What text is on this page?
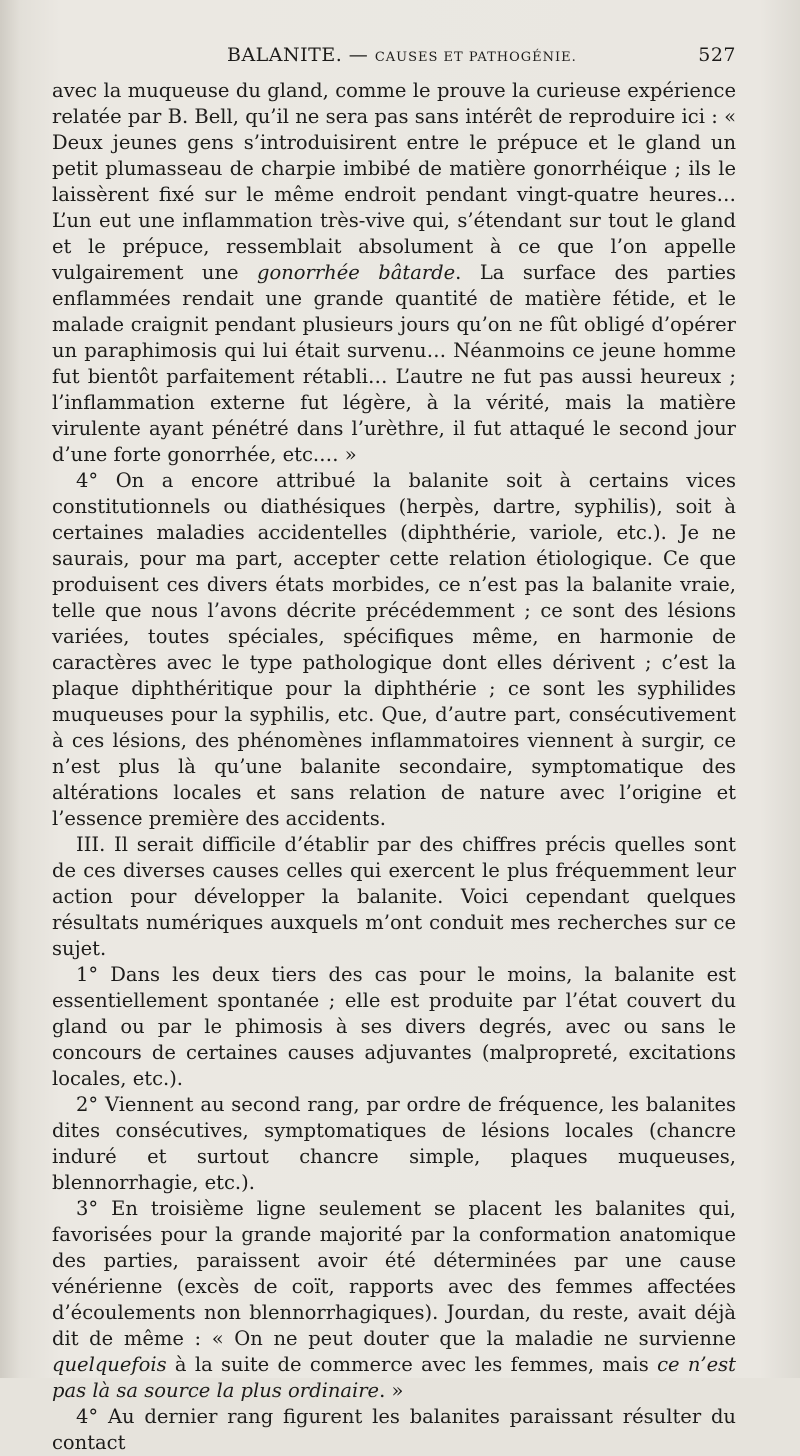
BALANITE. — CAUSES ET PATHOGÉNIE.	527

avec la muqueuse du gland, comme le prouve la curieuse expérience relatée par B. Bell, qu’il ne sera pas sans intérêt de reproduire ici : « Deux jeunes gens s’introduisirent entre le prépuce et le gland un petit plumasseau de charpie imbibé de matière gonorrhéique ; ils le laissèrent fixé sur le même endroit pendant vingt-quatre heures… L’un eut une inflammation très-vive qui, s’étendant sur tout le gland et le prépuce, ressemblait absolument à ce que l’on appelle vulgairement une gonorrhée bâtarde. La surface des parties enflammées rendait une grande quantité de matière fétide, et le malade craignit pendant plusieurs jours qu’on ne fût obligé d’opérer un paraphimosis qui lui était survenu… Néanmoins ce jeune homme fut bientôt parfaitement rétabli… L’autre ne fut pas aussi heureux ; l’inflammation externe fut légère, à la vérité, mais la matière virulente ayant pénétré dans l’urèthre, il fut attaqué le second jour d’une forte gonorrhée, etc.… »

4° On a encore attribué la balanite soit à certains vices constitutionnels ou diathésiques (herpès, dartre, syphilis), soit à certaines maladies accidentelles (diphthérie, variole, etc.). Je ne saurais, pour ma part, accepter cette relation étiologique. Ce que produisent ces divers états morbides, ce n’est pas la balanite vraie, telle que nous l’avons décrite précédemment ; ce sont des lésions variées, toutes spéciales, spécifiques même, en harmonie de caractères avec le type pathologique dont elles dérivent ; c’est la plaque diphthéritique pour la diphthérie ; ce sont les syphilides muqueuses pour la syphilis, etc. Que, d’autre part, consécutivement à ces lésions, des phénomènes inflammatoires viennent à surgir, ce n’est plus là qu’une balanite secondaire, symptomatique des altérations locales et sans relation de nature avec l’origine et l’essence première des accidents.

III. Il serait difficile d’établir par des chiffres précis quelles sont de ces diverses causes celles qui exercent le plus fréquemment leur action pour développer la balanite. Voici cependant quelques résultats numériques auxquels m’ont conduit mes recherches sur ce sujet.

1° Dans les deux tiers des cas pour le moins, la balanite est essentiellement spontanée ; elle est produite par l’état couvert du gland ou par le phimosis à ses divers degrés, avec ou sans le concours de certaines causes adjuvantes (malpropreté, excitations locales, etc.).

2° Viennent au second rang, par ordre de fréquence, les balanites dites consécutives, symptomatiques de lésions locales (chancre induré et surtout chancre simple, plaques muqueuses, blennorrhagie, etc.).

3° En troisième ligne seulement se placent les balanites qui, favorisées pour la grande majorité par la conformation anatomique des parties, paraissent avoir été déterminées par une cause vénérienne (excès de coït, rapports avec des femmes affectées d’écoulements non blennorrhagiques). Jourdan, du reste, avait déjà dit de même : « On ne peut douter que la maladie ne survienne quelquefois à la suite de commerce avec les femmes, mais ce n’est pas là sa source la plus ordinaire. »

4° Au dernier rang figurent les balanites paraissant résulter du contact
